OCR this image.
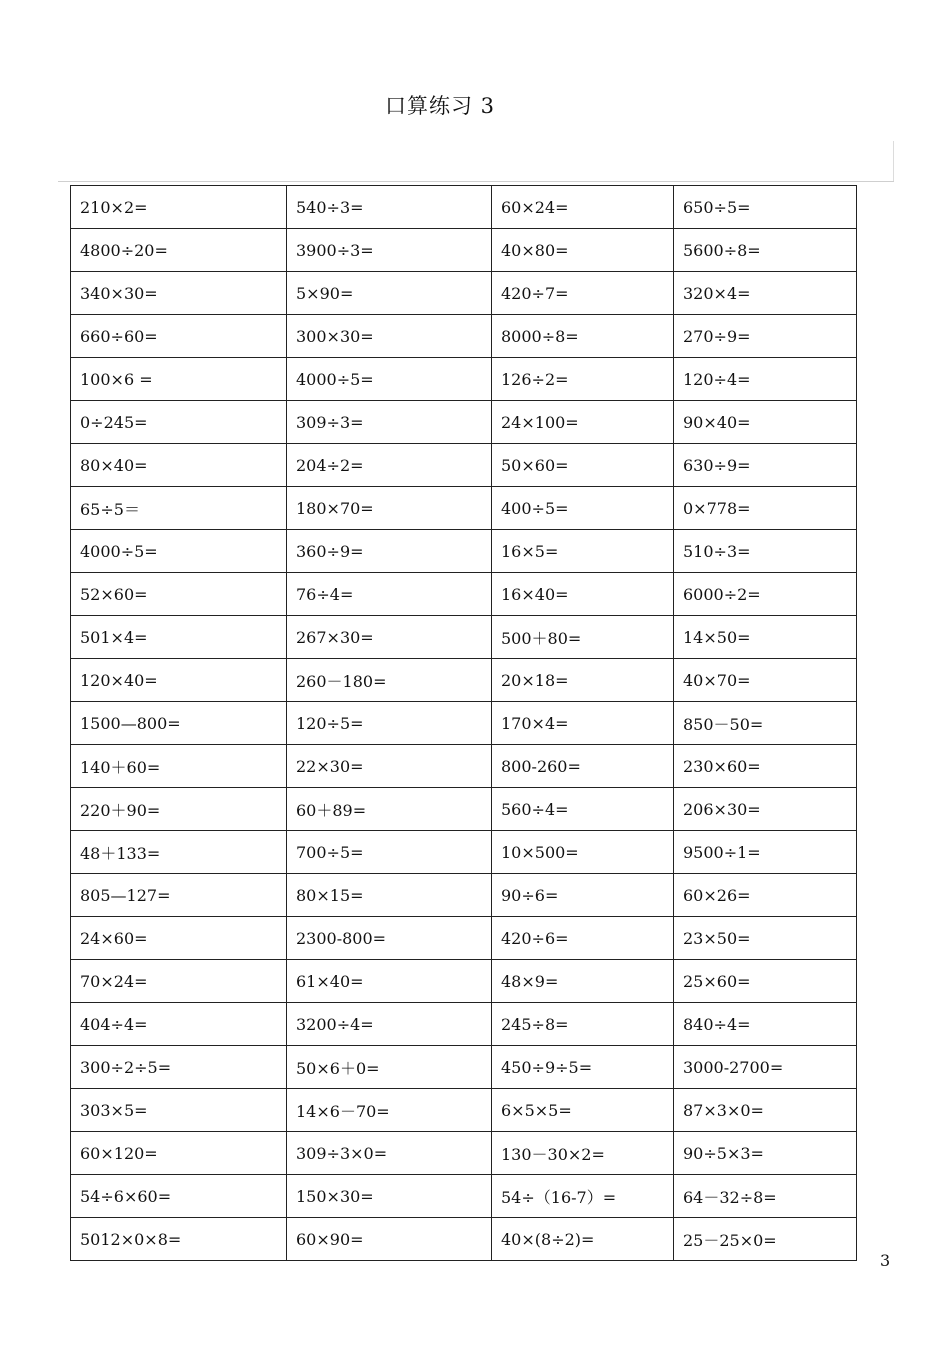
口算练习 3
210×2=	540÷3=	60×24=	650÷5=
4800÷20=	3900÷3=	40×80=	5600÷8=
340×30=	5×90=	420÷7=	320×4=
660÷60=	300×30=	8000÷8=	270÷9=
100×6 =	4000÷5=	126÷2=	120÷4=
0÷245=	309÷3=	24×100=	90×40=
80×40=	204÷2=	50×60=	630÷9=
65÷5＝	180×70=	400÷5=	0×778=
4000÷5=	360÷9=	16×5=	510÷3=
52×60=	76÷4=	16×40=	6000÷2=
501×4=	267×30=	500＋80=	14×50=
120×40=	260－180=	20×18=	40×70=
1500—800=	120÷5=	170×4=	850－50=
140＋60=	22×30=	800-260=	230×60=
220＋90=	60＋89=	560÷4=	206×30=
48＋133=	700÷5=	10×500=	9500÷1=
805—127=	80×15=	90÷6=	60×26=
24×60=	2300-800=	420÷6=	23×50=
70×24=	61×40=	48×9=	25×60=
404÷4=	3200÷4=	245÷8=	840÷4=
300÷2÷5=	50×6＋0=	450÷9÷5=	3000-2700=
303×5=	14×6－70=	6×5×5=	87×3×0=
60×120=	309÷3×0=	130－30×2=	90÷5×3=
54÷6×60=	150×30=	54÷（16-7）=	64－32÷8=
5012×0×8=	60×90=	40×(8÷2)=	25－25×0=
3
